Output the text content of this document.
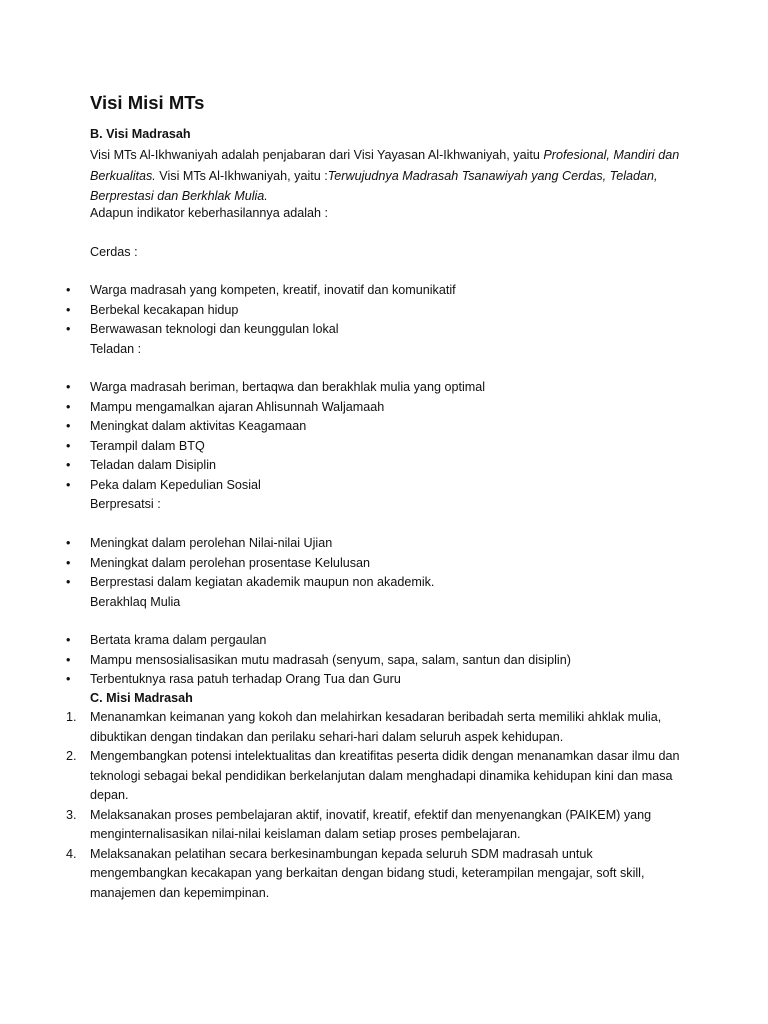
Visi Misi MTs

B. Visi Madrasah

Visi MTs Al-Ikhwaniyah adalah penjabaran dari Visi Yayasan Al-Ikhwaniyah, yaitu Profesional, Mandiri dan Berkualitas. Visi MTs Al-Ikhwaniyah, yaitu :Terwujudnya Madrasah Tsanawiyah yang Cerdas, Teladan, Berprestasi dan Berkhlak Mulia.

Adapun indikator keberhasilannya adalah :

Cerdas :

• Warga madrasah yang kompeten, kreatif, inovatif dan komunikatif
• Berbekal kecakapan hidup
• Berwawasan teknologi dan keunggulan lokal

Teladan :

• Warga madrasah beriman, bertaqwa dan berakhlak mulia yang optimal
• Mampu mengamalkan ajaran Ahlisunnah Waljamaah
• Meningkat dalam aktivitas Keagamaan
• Terampil dalam BTQ
• Teladan dalam Disiplin
• Peka dalam Kepedulian Sosial

Berpresatsi :

• Meningkat dalam perolehan Nilai-nilai Ujian
• Meningkat dalam perolehan prosentase Kelulusan
• Berprestasi dalam kegiatan akademik maupun non akademik.

Berakhlaq Mulia

• Bertata krama dalam pergaulan
• Mampu mensosialisasikan mutu madrasah (senyum, sapa, salam, santun dan disiplin)
• Terbentuknya rasa patuh terhadap Orang Tua dan Guru

C. Misi Madrasah

1. Menanamkan keimanan yang kokoh dan melahirkan kesadaran beribadah serta memiliki ahklak mulia, dibuktikan dengan tindakan dan perilaku sehari-hari dalam seluruh aspek kehidupan.
2. Mengembangkan potensi intelektualitas dan kreatifitas peserta didik dengan menanamkan dasar ilmu dan teknologi sebagai bekal pendidikan berkelanjutan dalam menghadapi dinamika kehidupan kini dan masa depan.
3. Melaksanakan proses pembelajaran aktif, inovatif, kreatif, efektif dan menyenangkan (PAIKEM) yang menginternalisasikan nilai-nilai keislaman dalam setiap proses pembelajaran.
4. Melaksanakan pelatihan secara berkesinambungan kepada seluruh SDM madrasah untuk mengembangkan kecakapan yang berkaitan dengan bidang studi, keterampilan mengajar, soft skill, manajemen dan kepemimpinan.
